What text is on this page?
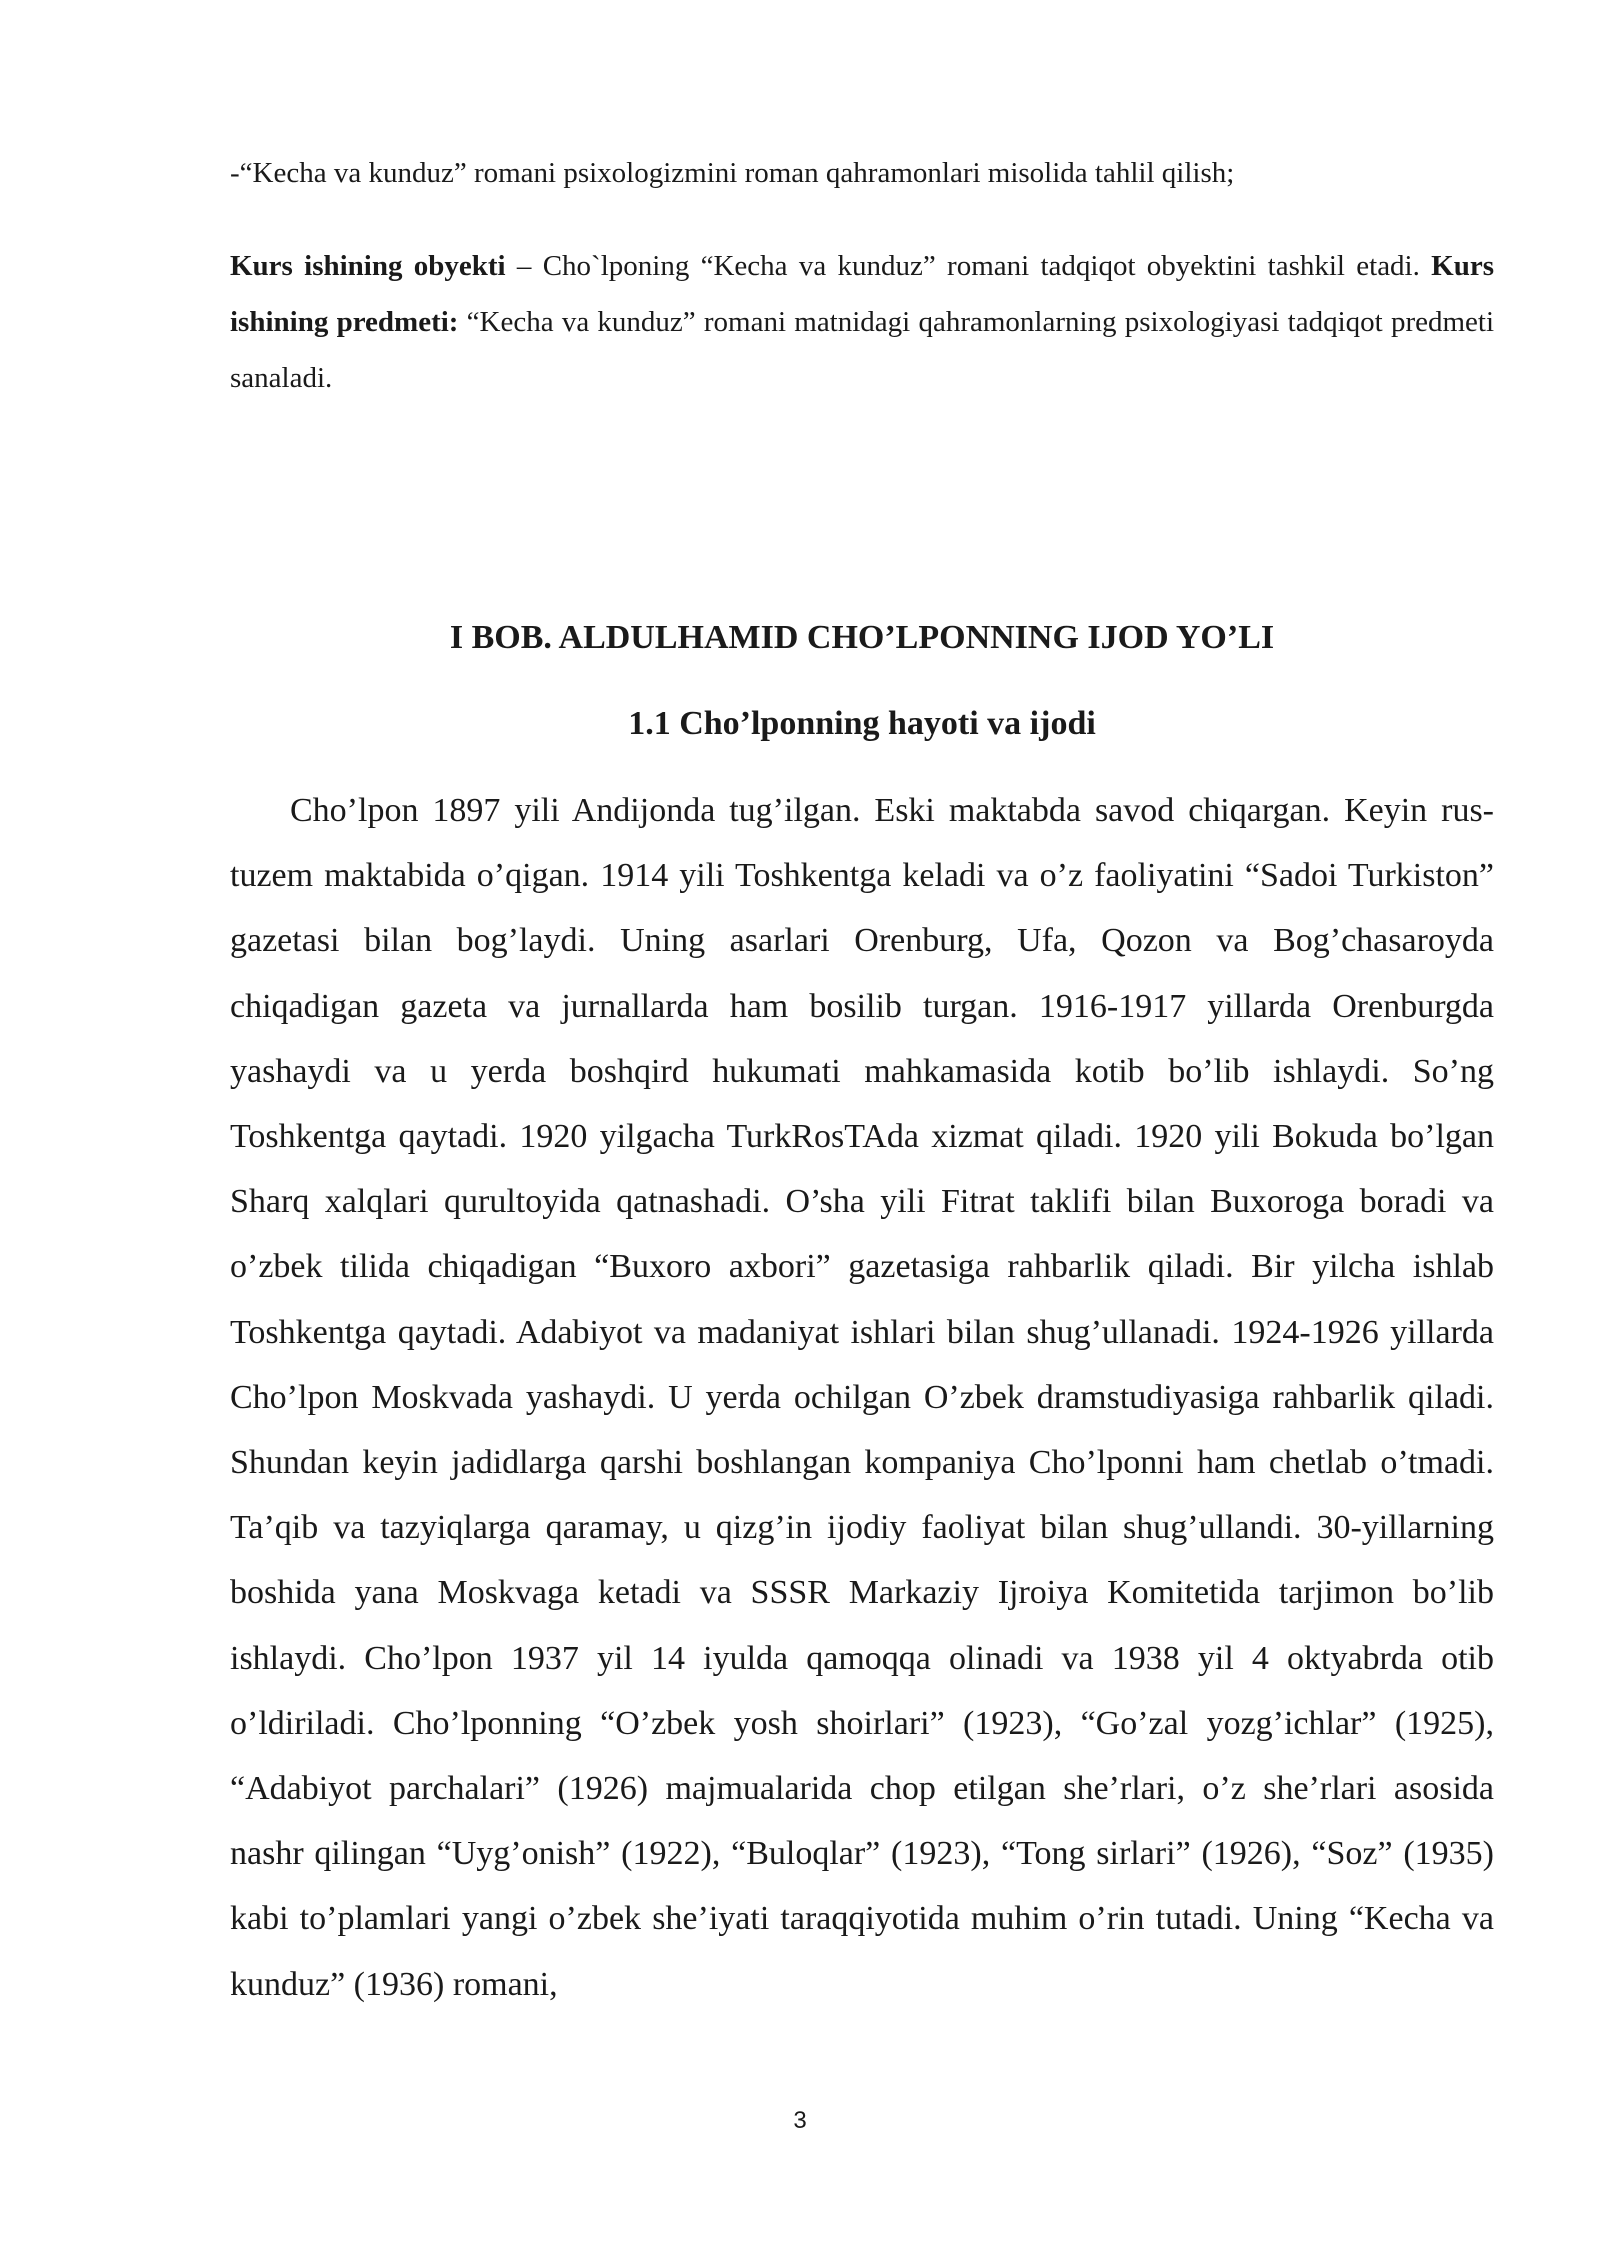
-“Kecha va kunduz” romani psixologizmini roman qahramonlari misolida tahlil qilish;

Kurs ishining obyekti – Cho`lponing “Kecha va kunduz” romani tadqiqot obyektini tashkil etadi. Kurs ishining predmeti: “Kecha va kunduz” romani matnidagi qahramonlarning psixologiyasi tadqiqot predmeti sanaladi.

I BOB. ALDULHAMID CHO’LPONNING IJOD YO’LI
1.1 Cho’lponning hayoti va ijodi

Cho’lpon 1897 yili Andijonda tug’ilgan. Eski maktabda savod chiqargan. Keyin rus-tuzem maktabida o’qigan. 1914 yili Toshkentga keladi va o’z faoliyatini “Sadoi Turkiston” gazetasi bilan bog’laydi. Uning asarlari Orenburg, Ufa, Qozon va Bog’chasaroyda chiqadigan gazeta va jurnallarda ham bosilib turgan. 1916-1917 yillarda Orenburgda yashaydi va u yerda boshqird hukumati mahkamasida kotib bo’lib ishlaydi. So’ng Toshkentga qaytadi. 1920 yilgacha TurkRosTAda xizmat qiladi. 1920 yili Bokuda bo’lgan Sharq xalqlari qurultoyida qatnashadi. O’sha yili Fitrat taklifi bilan Buxoroga boradi va o’zbek tilida chiqadigan “Buxoro axbori” gazetasiga rahbarlik qiladi. Bir yilcha ishlab Toshkentga qaytadi. Adabiyot va madaniyat ishlari bilan shug’ullanadi. 1924-1926 yillarda Cho’lpon Moskvada yashaydi. U yerda ochilgan O’zbek dramstudiyasiga rahbarlik qiladi. Shundan keyin jadidlarga qarshi boshlangan kompaniya Cho’lponni ham chetlab o’tmadi. Ta’qib va tazyiqlarga qaramay, u qizg’in ijodiy faoliyat bilan shug’ullandi. 30-yillarning boshida yana Moskvaga ketadi va SSSR Markaziy Ijroiya Komitetida tarjimon bo’lib ishlaydi. Cho’lpon 1937 yil 14 iyulda qamoqqa olinadi va 1938 yil 4 oktyabrda otib o’ldiriladi. Cho’lponning “O’zbek yosh shoirlari” (1923), “Go’zal yozg’ichlar” (1925), “Adabiyot parchalari” (1926) majmualarida chop etilgan she’rlari, o’z she’rlari asosida nashr qilingan “Uyg’onish” (1922), “Buloqlar” (1923), “Tong sirlari” (1926), “Soz” (1935) kabi to’plamlari yangi o’zbek she’iyati taraqqiyotida muhim o’rin tutadi. Uning “Kecha va kunduz” (1936) romani,

3
